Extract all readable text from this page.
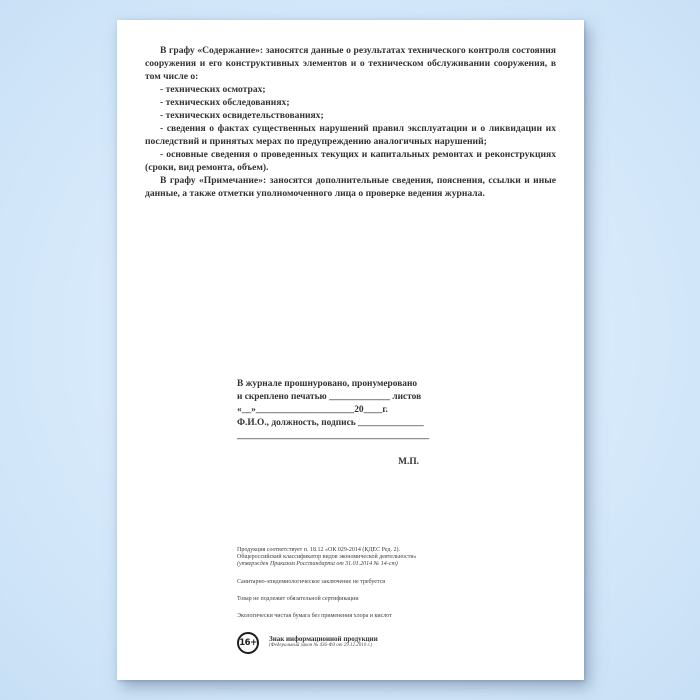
В графу «Содержание»: заносятся данные о результатах технического контроля состояния сооружения и его конструктивных элементов и о техническом обслуживании сооружения, в том числе о:

- технических осмотрах;

- технических обследованиях;

- технических освидетельствованиях;

- сведения о фактах существенных нарушений правил эксплуатации и о ликвидации их последствий и принятых мерах по предупреждению аналогичных нарушений;

- основные сведения о проведенных текущих и капитальных ремонтах и реконструкциях (сроки, вид ремонта, объем).

В графу «Примечание»: заносятся дополнительные сведения, пояснения, ссылки и иные данные, а также отметки уполномоченного лица о проверке ведения журнала.

В журнале прошнуровано, пронумеровано
и скреплено печатью _____________ листов
«__»_____________________20____г.
Ф.И.О., должность, подпись ______________
_________________________________________
М.П.
Продукция соответствует п. 18.12 «ОК 029-2014 (КДЕС Ред. 2).
Общероссийский классификатор видов экономической деятельности»
(утвержден Приказом Росстандарта от 31.01.2014 № 14-ст)
Санитарно-эпидемиологическое заключение не требуется
Товар не подлежит обязательной сертификации
Экологически чистая бумага без применения хлора и кислот
16+	Знак информационной продукции
(Федеральный закон № 436-ФЗ от 29.12.2010 г.)
